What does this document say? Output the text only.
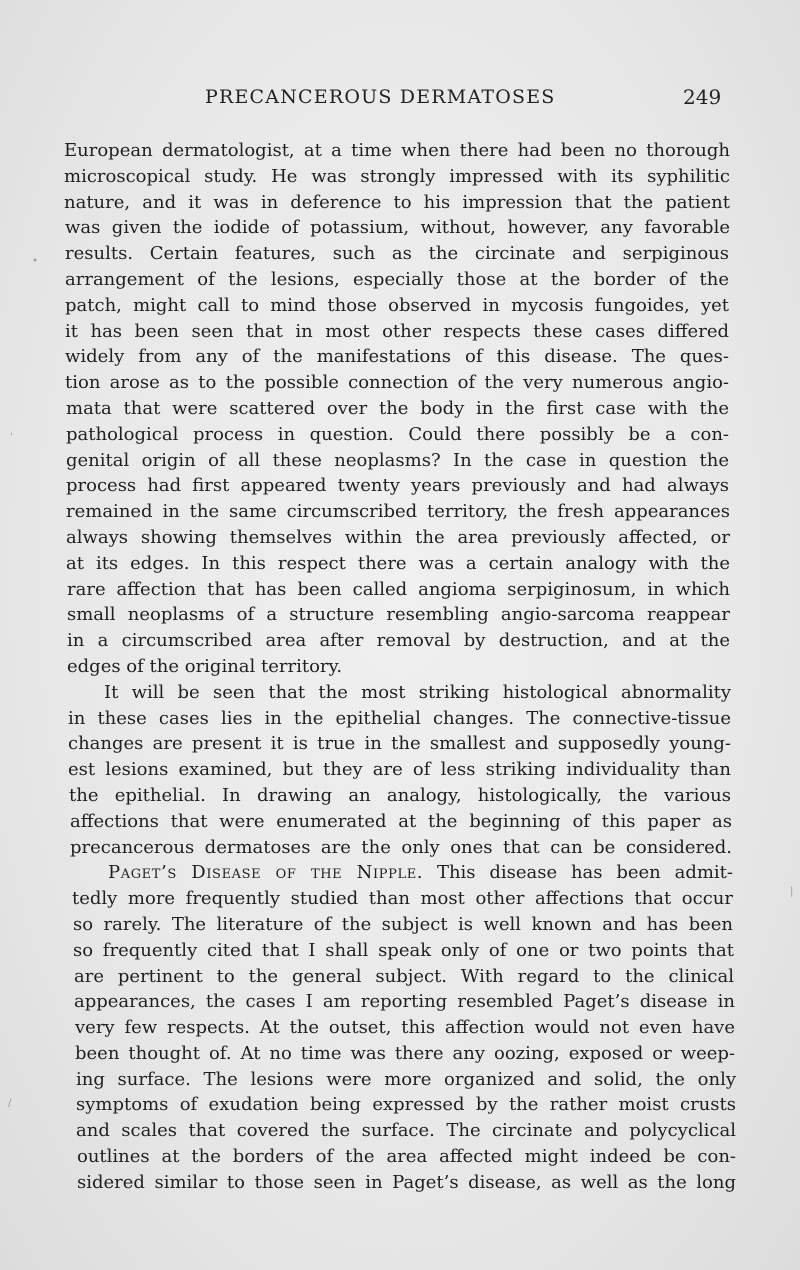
PRECANCEROUS DERMATOSES	249
European dermatologist, at a time when there had been no thorough
microscopical study. He was strongly impressed with its syphilitic
nature, and it was in deference to his impression that the patient
was given the iodide of potassium, without, however, any favorable
results. Certain features, such as the circinate and serpiginous
arrangement of the lesions, especially those at the border of the
patch, might call to mind those observed in mycosis fungoides, yet
it has been seen that in most other respects these cases differed
widely from any of the manifestations of this disease. The ques-
tion arose as to the possible connection of the very numerous angio-
mata that were scattered over the body in the first case with the
pathological process in question. Could there possibly be a con-
genital origin of all these neoplasms? In the case in question the
process had first appeared twenty years previously and had always
remained in the same circumscribed territory, the fresh appearances
always showing themselves within the area previously affected, or
at its edges. In this respect there was a certain analogy with the
rare affection that has been called angioma serpiginosum, in which
small neoplasms of a structure resembling angio-sarcoma reappear
in a circumscribed area after removal by destruction, and at the
edges of the original territory.
It will be seen that the most striking histological abnormality
in these cases lies in the epithelial changes. The connective-tissue
changes are present it is true in the smallest and supposedly young-
est lesions examined, but they are of less striking individuality than
the epithelial. In drawing an analogy, histologically, the various
affections that were enumerated at the beginning of this paper as
precancerous dermatoses are the only ones that can be considered.
Paget’s Disease of the Nipple. This disease has been admit-
tedly more frequently studied than most other affections that occur
so rarely. The literature of the subject is well known and has been
so frequently cited that I shall speak only of one or two points that
are pertinent to the general subject. With regard to the clinical
appearances, the cases I am reporting resembled Paget’s disease in
very few respects. At the outset, this affection would not even have
been thought of. At no time was there any oozing, exposed or weep-
ing surface. The lesions were more organized and solid, the only
symptoms of exudation being expressed by the rather moist crusts
and scales that covered the surface. The circinate and polycyclical
outlines at the borders of the area affected might indeed be con-
sidered similar to those seen in Paget’s disease, as well as the long
•
'
|
/
